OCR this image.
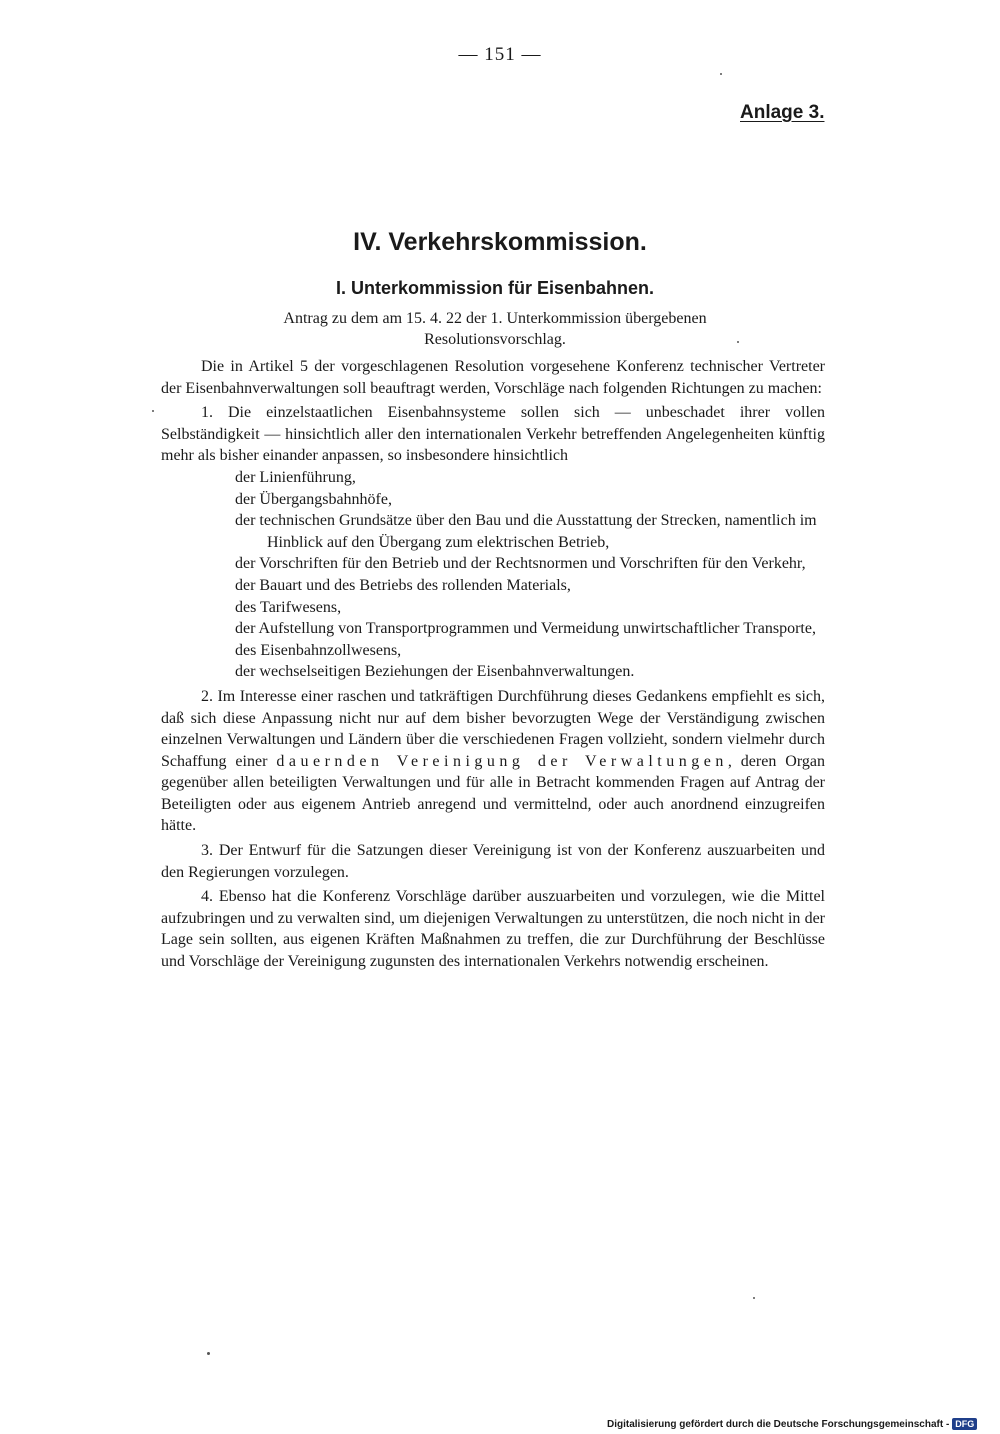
— 151 —
Anlage 3.
IV. Verkehrskommission.
I. Unterkommission für Eisenbahnen.
Antrag zu dem am 15. 4. 22 der 1. Unterkommission übergebenen
Resolutionsvorschlag.

Die in Artikel 5 der vorgeschlagenen Resolution vorgesehene Konferenz technischer Vertreter der Eisenbahnverwaltungen soll beauftragt werden, Vorschläge nach folgenden Richtungen zu machen:

1. Die einzelstaatlichen Eisenbahnsysteme sollen sich — unbeschadet ihrer vollen Selbständigkeit — hinsichtlich aller den internationalen Verkehr betreffenden Angelegenheiten künftig mehr als bisher einander anpassen, so insbesondere hinsichtlich

der Linienführung,
der Übergangsbahnhöfe,
der technischen Grundsätze über den Bau und die Ausstattung der Strecken, namentlich im Hinblick auf den Übergang zum elektrischen Betrieb,
der Vorschriften für den Betrieb und der Rechtsnormen und Vorschriften für den Verkehr,
der Bauart und des Betriebs des rollenden Materials,
des Tarifwesens,
der Aufstellung von Transportprogrammen und Vermeidung unwirtschaftlicher Transporte,
des Eisenbahnzollwesens,
der wechselseitigen Beziehungen der Eisenbahnverwaltungen.

2. Im Interesse einer raschen und tatkräftigen Durchführung dieses Gedankens empfiehlt es sich, daß sich diese Anpassung nicht nur auf dem bisher bevorzugten Wege der Verständigung zwischen einzelnen Verwaltungen und Ländern über die verschiedenen Fragen vollzieht, sondern vielmehr durch Schaffung einer dauernden Vereinigung der Verwaltungen, deren Organ gegenüber allen beteiligten Verwaltungen und für alle in Betracht kommenden Fragen auf Antrag der Beteiligten oder aus eigenem Antrieb anregend und vermittelnd, oder auch anordnend einzugreifen hätte.

3. Der Entwurf für die Satzungen dieser Vereinigung ist von der Konferenz auszuarbeiten und den Regierungen vorzulegen.

4. Ebenso hat die Konferenz Vorschläge darüber auszuarbeiten und vorzulegen, wie die Mittel aufzubringen und zu verwalten sind, um diejenigen Verwaltungen zu unterstützen, die noch nicht in der Lage sein sollten, aus eigenen Kräften Maßnahmen zu treffen, die zur Durchführung der Beschlüsse und Vorschläge der Vereinigung zugunsten des internationalen Verkehrs notwendig erscheinen.

Digitalisierung gefördert durch die Deutsche Forschungsgemeinschaft - DFG
